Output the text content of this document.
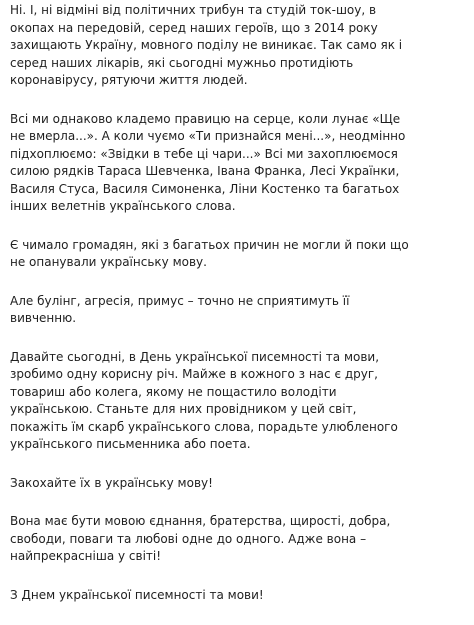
Ні. І, ні відміні від політичних трибун та студій ток-шоу, в
окопах на передовій, серед наших героїв, що з 2014 року
захищають Україну, мовного поділу не виникає. Так само як і
серед наших лікарів, які сьогодні мужньо протидіють
коронавірусу, рятуючи життя людей.

Всі ми однаково кладемо правицю на серце, коли лунає «Ще
не вмерла...». А коли чуємо «Ти признайся мені...», неодмінно
підхоплюємо: «Звідки в тебе ці чари...» Всі ми захоплюємося
силою рядків Тараса Шевченка, Івана Франка, Лесі Українки,
Василя Стуса, Василя Симоненка, Ліни Костенко та багатьох
інших велетнів українського слова.

Є чимало громадян, які з багатьох причин не могли й поки що
не опанували українську мову.

Але булінг, агресія, примус – точно не сприятимуть її
вивченню.

Давайте сьогодні, в День української писемності та мови,
зробимо одну корисну річ. Майже в кожного з нас є друг,
товариш або колега, якому не пощастило володіти
українською. Станьте для них провідником у цей світ,
покажіть їм скарб українського слова, порадьте улюбленого
українського письменника або поета.

Закохайте їх в українську мову!

Вона має бути мовою єднання, братерства, щирості, добра,
свободи, поваги та любові одне до одного. Адже вона –
найпрекрасніша у світі!

З Днем української писемності та мови!
